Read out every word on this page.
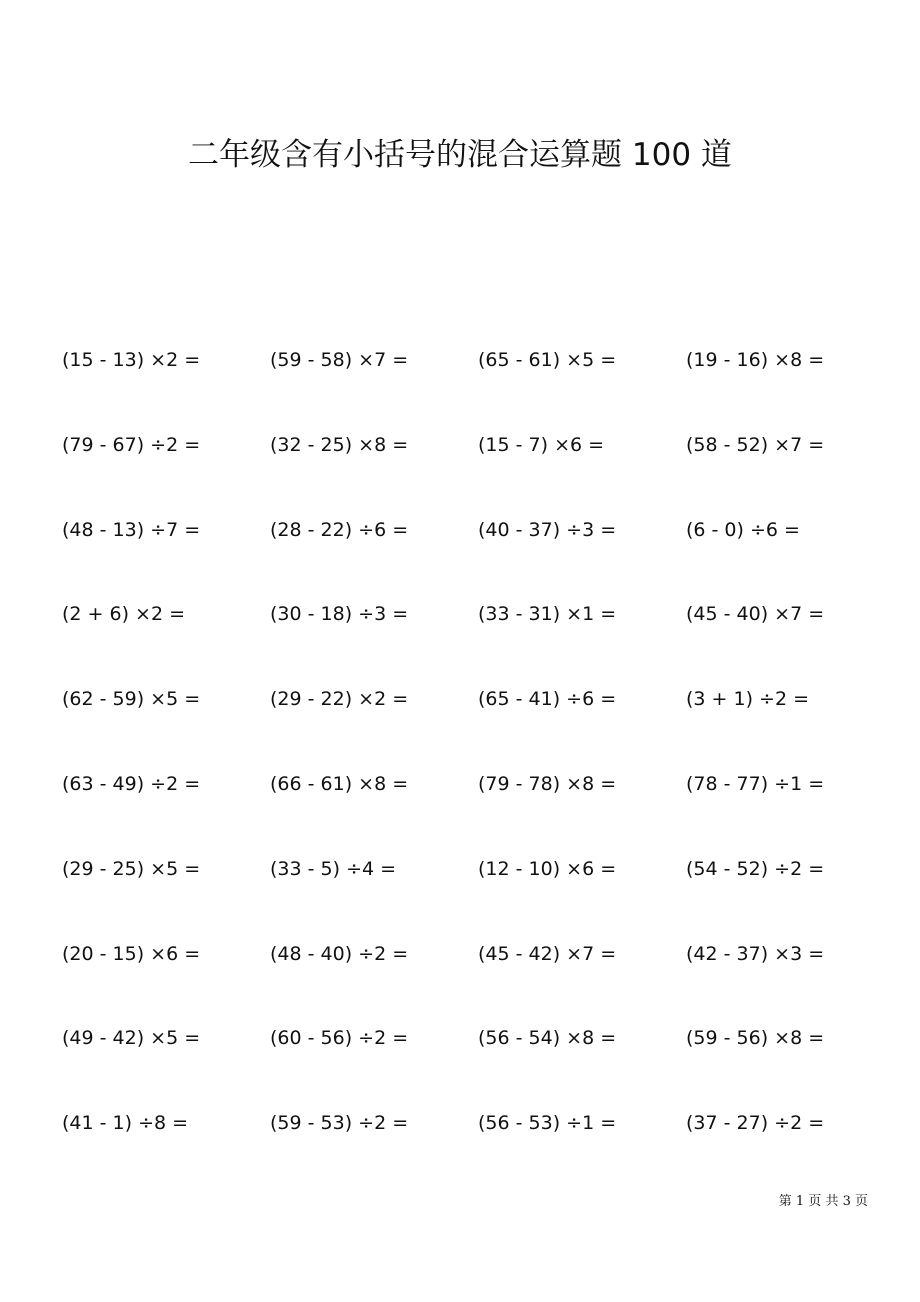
二年级含有小括号的混合运算题 100 道
(15 - 13) ×2 =	(59 - 58) ×7 =	(65 - 61) ×5 =	(19 - 16) ×8 =
(79 - 67) ÷2 =	(32 - 25) ×8 =	(15 - 7) ×6 =	(58 - 52) ×7 =
(48 - 13) ÷7 =	(28 - 22) ÷6 =	(40 - 37) ÷3 =	(6 - 0) ÷6 =
(2 + 6) ×2 =	(30 - 18) ÷3 =	(33 - 31) ×1 =	(45 - 40) ×7 =
(62 - 59) ×5 =	(29 - 22) ×2 =	(65 - 41) ÷6 =	(3 + 1) ÷2 =
(63 - 49) ÷2 =	(66 - 61) ×8 =	(79 - 78) ×8 =	(78 - 77) ÷1 =
(29 - 25) ×5 =	(33 - 5) ÷4 =	(12 - 10) ×6 =	(54 - 52) ÷2 =
(20 - 15) ×6 =	(48 - 40) ÷2 =	(45 - 42) ×7 =	(42 - 37) ×3 =
(49 - 42) ×5 =	(60 - 56) ÷2 =	(56 - 54) ×8 =	(59 - 56) ×8 =
(41 - 1) ÷8 =	(59 - 53) ÷2 =	(56 - 53) ÷1 =	(37 - 27) ÷2 =
第 1 页 共 3 页
